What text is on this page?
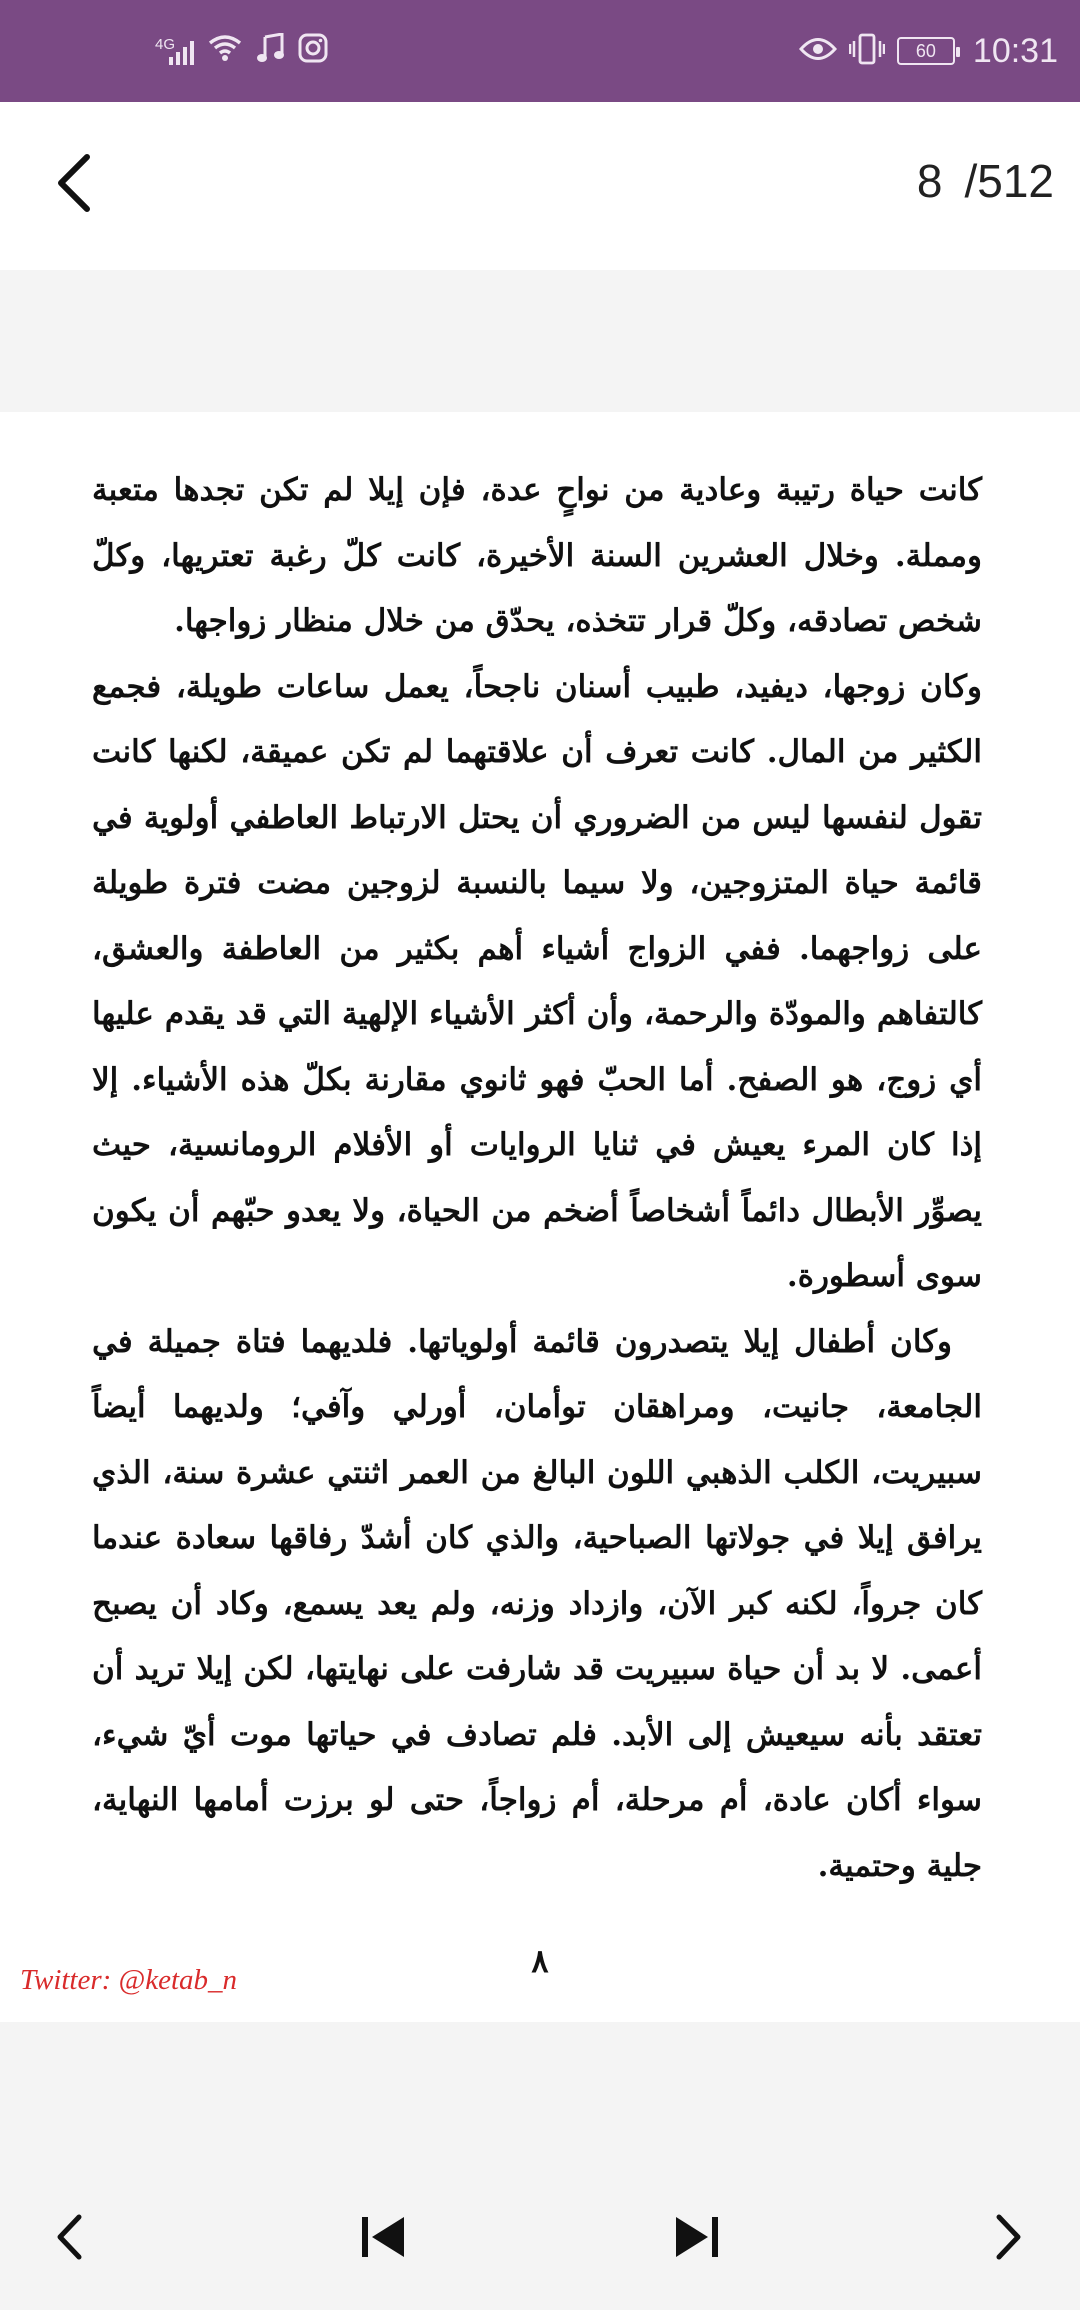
4G	60	10:31
8 /512

كانت حياة رتيبة وعادية من نواحٍ عدة، فإن إيلا لم تكن تجدها متعبة ومملة. وخلال العشرين السنة الأخيرة، كانت كلّ رغبة تعتريها، وكلّ شخص تصادقه، وكلّ قرار تتخذه، يحدّق من خلال منظار زواجها.

وكان زوجها، ديفيد، طبيب أسنان ناجحاً، يعمل ساعات طويلة، فجمع الكثير من المال. كانت تعرف أن علاقتهما لم تكن عميقة، لكنها كانت تقول لنفسها ليس من الضروري أن يحتل الارتباط العاطفي أولوية في قائمة حياة المتزوجين، ولا سيما بالنسبة لزوجين مضت فترة طويلة على زواجهما. ففي الزواج أشياء أهم بكثير من العاطفة والعشق، كالتفاهم والمودّة والرحمة، وأن أكثر الأشياء الإلهية التي قد يقدم عليها أي زوج، هو الصفح. أما الحبّ فهو ثانوي مقارنة بكلّ هذه الأشياء. إلا إذا كان المرء يعيش في ثنايا الروايات أو الأفلام الرومانسية، حيث يصوِّر الأبطال دائماً أشخاصاً أضخم من الحياة، ولا يعدو حبّهم أن يكون سوى أسطورة.

وكان أطفال إيلا يتصدرون قائمة أولوياتها. فلديهما فتاة جميلة في الجامعة، جانيت، ومراهقان توأمان، أورلي وآفي؛ ولديهما أيضاً سبيريت، الكلب الذهبي اللون البالغ من العمر اثنتي عشرة سنة، الذي يرافق إيلا في جولاتها الصباحية، والذي كان أشدّ رفاقها سعادة عندما كان جرواً، لكنه كبر الآن، وازداد وزنه، ولم يعد يسمع، وكاد أن يصبح أعمى. لا بد أن حياة سبيريت قد شارفت على نهايتها، لكن إيلا تريد أن تعتقد بأنه سيعيش إلى الأبد. فلم تصادف في حياتها موت أيّ شيء، سواء أكان عادة، أم مرحلة، أم زواجاً، حتى لو برزت أمامها النهاية، جلية وحتمية.

٨
Twitter: @ketab_n
